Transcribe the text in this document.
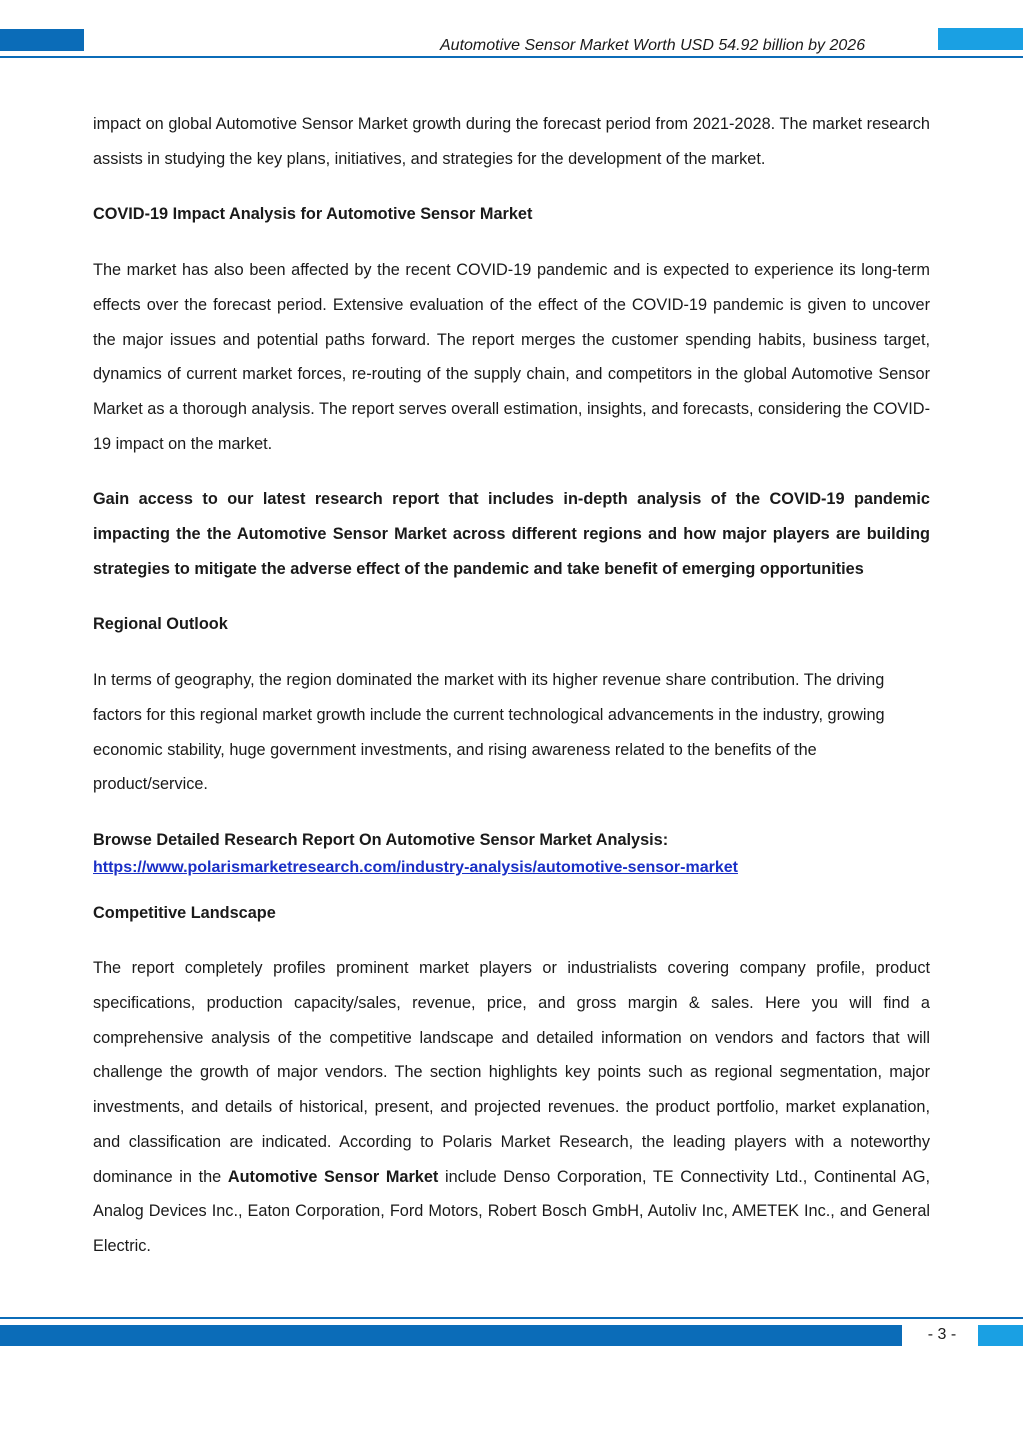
Automotive Sensor Market Worth USD 54.92 billion by 2026

impact on global Automotive Sensor Market growth during the forecast period from 2021-2028. The market research assists in studying the key plans, initiatives, and strategies for the development of the market.

COVID-19 Impact Analysis for Automotive Sensor Market

The market has also been affected by the recent COVID-19 pandemic and is expected to experience its long-term effects over the forecast period. Extensive evaluation of the effect of the COVID-19 pandemic is given to uncover the major issues and potential paths forward. The report merges the customer spending habits, business target, dynamics of current market forces, re-routing of the supply chain, and competitors in the global Automotive Sensor Market as a thorough analysis. The report serves overall estimation, insights, and forecasts, considering the COVID-19 impact on the market.

Gain access to our latest research report that includes in-depth analysis of the COVID-19 pandemic impacting the the Automotive Sensor Market across different regions and how major players are building strategies to mitigate the adverse effect of the pandemic and take benefit of emerging opportunities

Regional Outlook

In terms of geography, the region dominated the market with its higher revenue share contribution. The driving factors for this regional market growth include the current technological advancements in the industry, growing economic stability, huge government investments, and rising awareness related to the benefits of the product/service.

Browse Detailed Research Report On Automotive Sensor Market Analysis:
https://www.polarismarketresearch.com/industry-analysis/automotive-sensor-market

Competitive Landscape

The report completely profiles prominent market players or industrialists covering company profile, product specifications, production capacity/sales, revenue, price, and gross margin & sales. Here you will find a comprehensive analysis of the competitive landscape and detailed information on vendors and factors that will challenge the growth of major vendors. The section highlights key points such as regional segmentation, major investments, and details of historical, present, and projected revenues. the product portfolio, market explanation, and classification are indicated. According to Polaris Market Research, the leading players with a noteworthy dominance in the Automotive Sensor Market include Denso Corporation, TE Connectivity Ltd., Continental AG, Analog Devices Inc., Eaton Corporation, Ford Motors, Robert Bosch GmbH, Autoliv Inc, AMETEK Inc., and General Electric.

- 3 -
